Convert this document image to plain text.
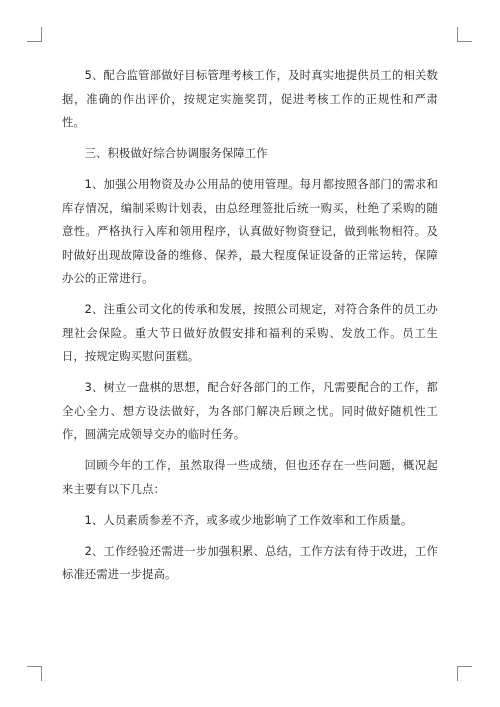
5、配合监管部做好目标管理考核工作，及时真实地提供员工的相关数据，准确的作出评价，按规定实施奖罚，促进考核工作的正规性和严肃性。

三、积极做好综合协调服务保障工作

1、加强公用物资及办公用品的使用管理。每月都按照各部门的需求和库存情况，编制采购计划表，由总经理签批后统一购买，杜绝了采购的随意性。严格执行入库和领用程序，认真做好物资登记，做到帐物相符。及时做好出现故障设备的维修、保养，最大程度保证设备的正常运转，保障办公的正常进行。

2、注重公司文化的传承和发展，按照公司规定，对符合条件的员工办理社会保险。重大节日做好放假安排和福利的采购、发放工作。员工生日，按规定购买慰问蛋糕。

3、树立一盘棋的思想，配合好各部门的工作，凡需要配合的工作，都全心全力、想方设法做好，为各部门解决后顾之忧。同时做好随机性工作，圆满完成领导交办的临时任务。

回顾今年的工作，虽然取得一些成绩，但也还存在一些问题，概况起来主要有以下几点：

1、人员素质参差不齐，或多或少地影响了工作效率和工作质量。

2、工作经验还需进一步加强积累、总结，工作方法有待于改进，工作标准还需进一步提高。
